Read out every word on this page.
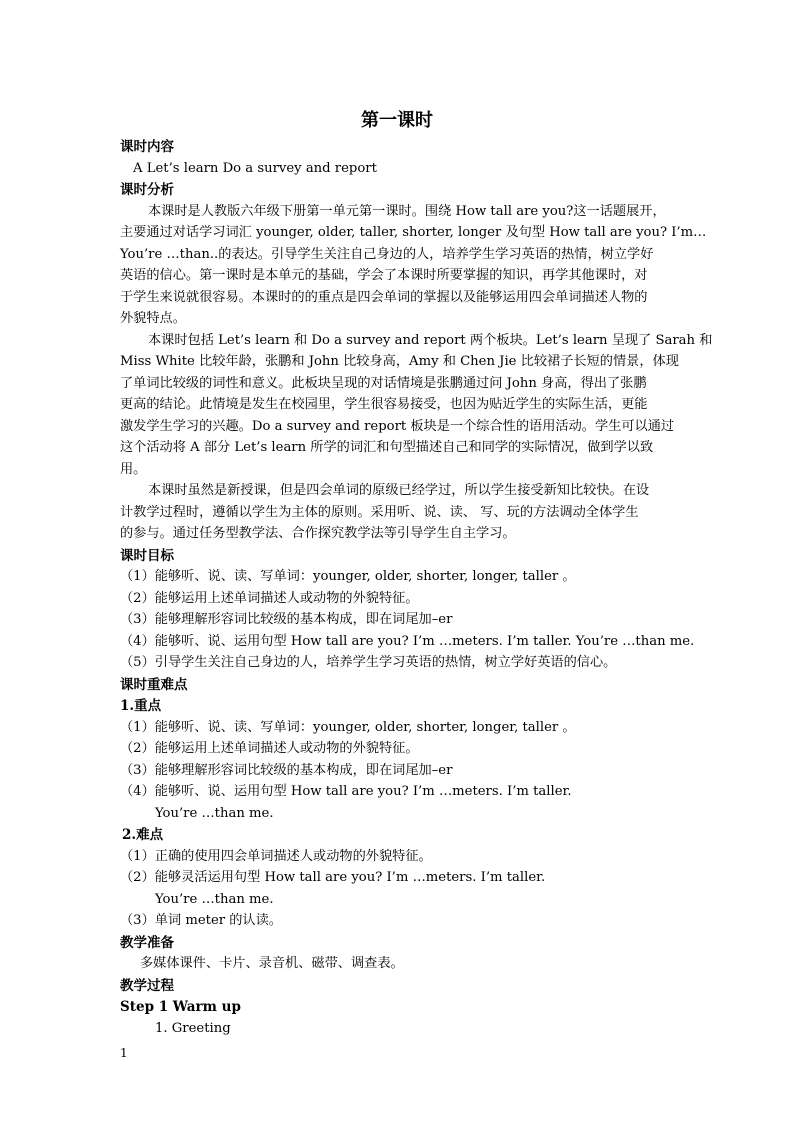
第一课时
课时内容
A Let’s learn Do a survey and report
课时分析
本课时是人教版六年级下册第一单元第一课时。围绕 How tall are you?这一话题展开，
主要通过对话学习词汇 younger, older, taller, shorter, longer 及句型 How tall are you? I’m…
You’re …than..的表达。引导学生关注自己身边的人，培养学生学习英语的热情，树立学好
英语的信心。第一课时是本单元的基础，学会了本课时所要掌握的知识，再学其他课时，对
于学生来说就很容易。本课时的的重点是四会单词的掌握以及能够运用四会单词描述人物的
外貌特点。
本课时包括 Let’s learn 和 Do a survey and report 两个板块。Let’s learn 呈现了 Sarah 和
Miss White 比较年龄，张鹏和 John 比较身高，Amy 和 Chen Jie 比较裙子长短的情景，体现
了单词比较级的词性和意义。此板块呈现的对话情境是张鹏通过问 John 身高，得出了张鹏
更高的结论。此情境是发生在校园里，学生很容易接受，也因为贴近学生的实际生活，更能
激发学生学习的兴趣。Do a survey and report 板块是一个综合性的语用活动。学生可以通过
这个活动将 A 部分 Let’s learn 所学的词汇和句型描述自己和同学的实际情况，做到学以致
用。
本课时虽然是新授课，但是四会单词的原级已经学过，所以学生接受新知比较快。在设
计教学过程时，遵循以学生为主体的原则。采用听、说、读、 写、玩的方法调动全体学生
的参与。通过任务型教学法、合作探究教学法等引导学生自主学习。
课时目标
（1）能够听、说、读、写单词：younger, older, shorter, longer, taller 。
（2）能够运用上述单词描述人或动物的外貌特征。
（3）能够理解形容词比较级的基本构成，即在词尾加–er
（4）能够听、说、运用句型 How tall are you? I’m …meters. I’m taller. You’re …than me.
（5）引导学生关注自己身边的人，培养学生学习英语的热情，树立学好英语的信心。
课时重难点
1.重点
（1）能够听、说、读、写单词：younger, older, shorter, longer, taller 。
（2）能够运用上述单词描述人或动物的外貌特征。
（3）能够理解形容词比较级的基本构成，即在词尾加–er
（4）能够听、说、运用句型 How tall are you? I’m …meters. I’m taller.
You’re …than me.
2.难点
（1）正确的使用四会单词描述人或动物的外貌特征。
（2）能够灵活运用句型 How tall are you? I’m …meters. I’m taller.
You’re …than me.
（3）单词 meter 的认读。
教学准备
多媒体课件、卡片、录音机、磁带、调查表。
教学过程
Step 1 Warm up
1. Greeting
1
